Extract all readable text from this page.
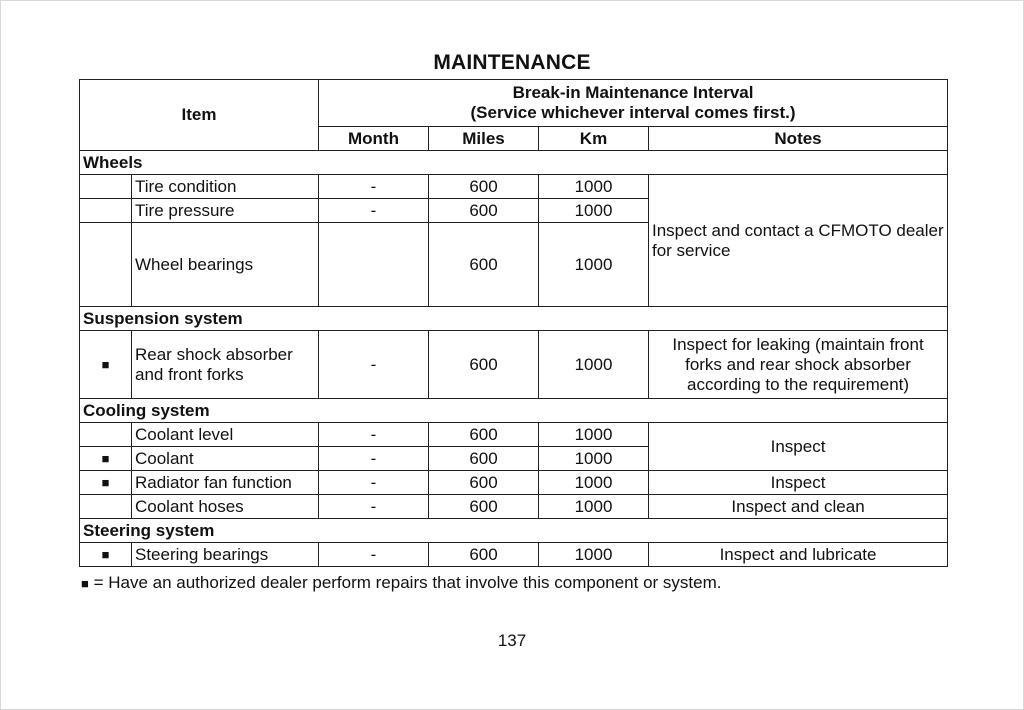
MAINTENANCE
Item		Break-in Maintenance Interval
(Service whichever interval comes first.)			

		Month	Miles	Km	Notes
Wheels					
	Tire condition	-	600	1000	Inspect and contact a CFMOTO dealer for service
	Tire pressure	-	600	1000	
	Wheel bearings		600	1000	
Suspension system					
■	Rear shock absorber and front forks	-	600	1000	Inspect for leaking (maintain front forks and rear shock absorber according to the requirement)
Cooling system					
	Coolant level	-	600	1000	Inspect
■	Coolant	-	600	1000	
■	Radiator fan function	-	600	1000	Inspect
	Coolant hoses	-	600	1000	Inspect and clean
Steering system					
■	Steering bearings	-	600	1000	Inspect and lubricate
■ = Have an authorized dealer perform repairs that involve this component or system.
137
